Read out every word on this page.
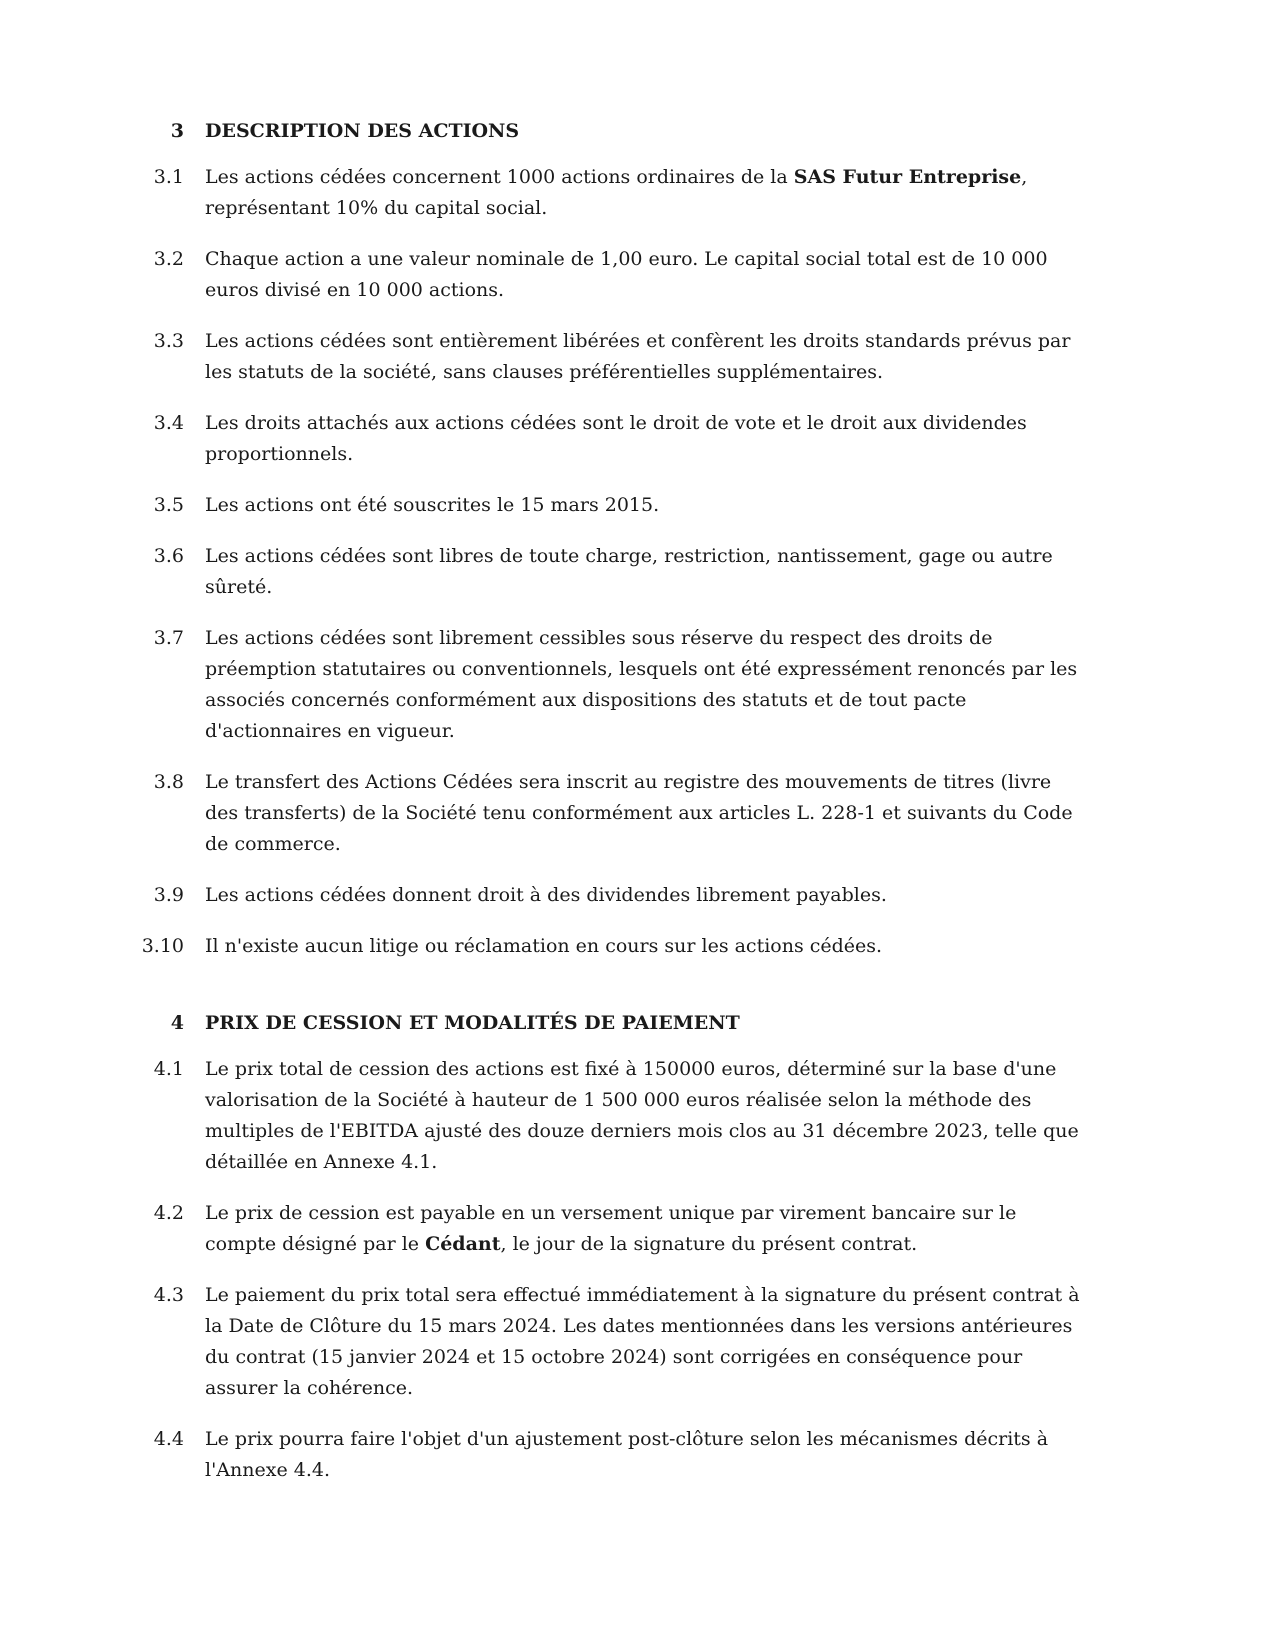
3 DESCRIPTION DES ACTIONS
3.1 Les actions cédées concernent 1000 actions ordinaires de la SAS Futur Entreprise, représentant 10% du capital social.
3.2 Chaque action a une valeur nominale de 1,00 euro. Le capital social total est de 10 000 euros divisé en 10 000 actions.
3.3 Les actions cédées sont entièrement libérées et confèrent les droits standards prévus par les statuts de la société, sans clauses préférentielles supplémentaires.
3.4 Les droits attachés aux actions cédées sont le droit de vote et le droit aux dividendes proportionnels.
3.5 Les actions ont été souscrites le 15 mars 2015.
3.6 Les actions cédées sont libres de toute charge, restriction, nantissement, gage ou autre sûreté.
3.7 Les actions cédées sont librement cessibles sous réserve du respect des droits de préemption statutaires ou conventionnels, lesquels ont été expressément renoncés par les associés concernés conformément aux dispositions des statuts et de tout pacte d'actionnaires en vigueur.
3.8 Le transfert des Actions Cédées sera inscrit au registre des mouvements de titres (livre des transferts) de la Société tenu conformément aux articles L. 228-1 et suivants du Code de commerce.
3.9 Les actions cédées donnent droit à des dividendes librement payables.
3.10 Il n'existe aucun litige ou réclamation en cours sur les actions cédées.
4 PRIX DE CESSION ET MODALITÉS DE PAIEMENT
4.1 Le prix total de cession des actions est fixé à 150000 euros, déterminé sur la base d'une valorisation de la Société à hauteur de 1 500 000 euros réalisée selon la méthode des multiples de l'EBITDA ajusté des douze derniers mois clos au 31 décembre 2023, telle que détaillée en Annexe 4.1.
4.2 Le prix de cession est payable en un versement unique par virement bancaire sur le compte désigné par le Cédant, le jour de la signature du présent contrat.
4.3 Le paiement du prix total sera effectué immédiatement à la signature du présent contrat à la Date de Clôture du 15 mars 2024. Les dates mentionnées dans les versions antérieures du contrat (15 janvier 2024 et 15 octobre 2024) sont corrigées en conséquence pour assurer la cohérence.
4.4 Le prix pourra faire l'objet d'un ajustement post-clôture selon les mécanismes décrits à l'Annexe 4.4.
